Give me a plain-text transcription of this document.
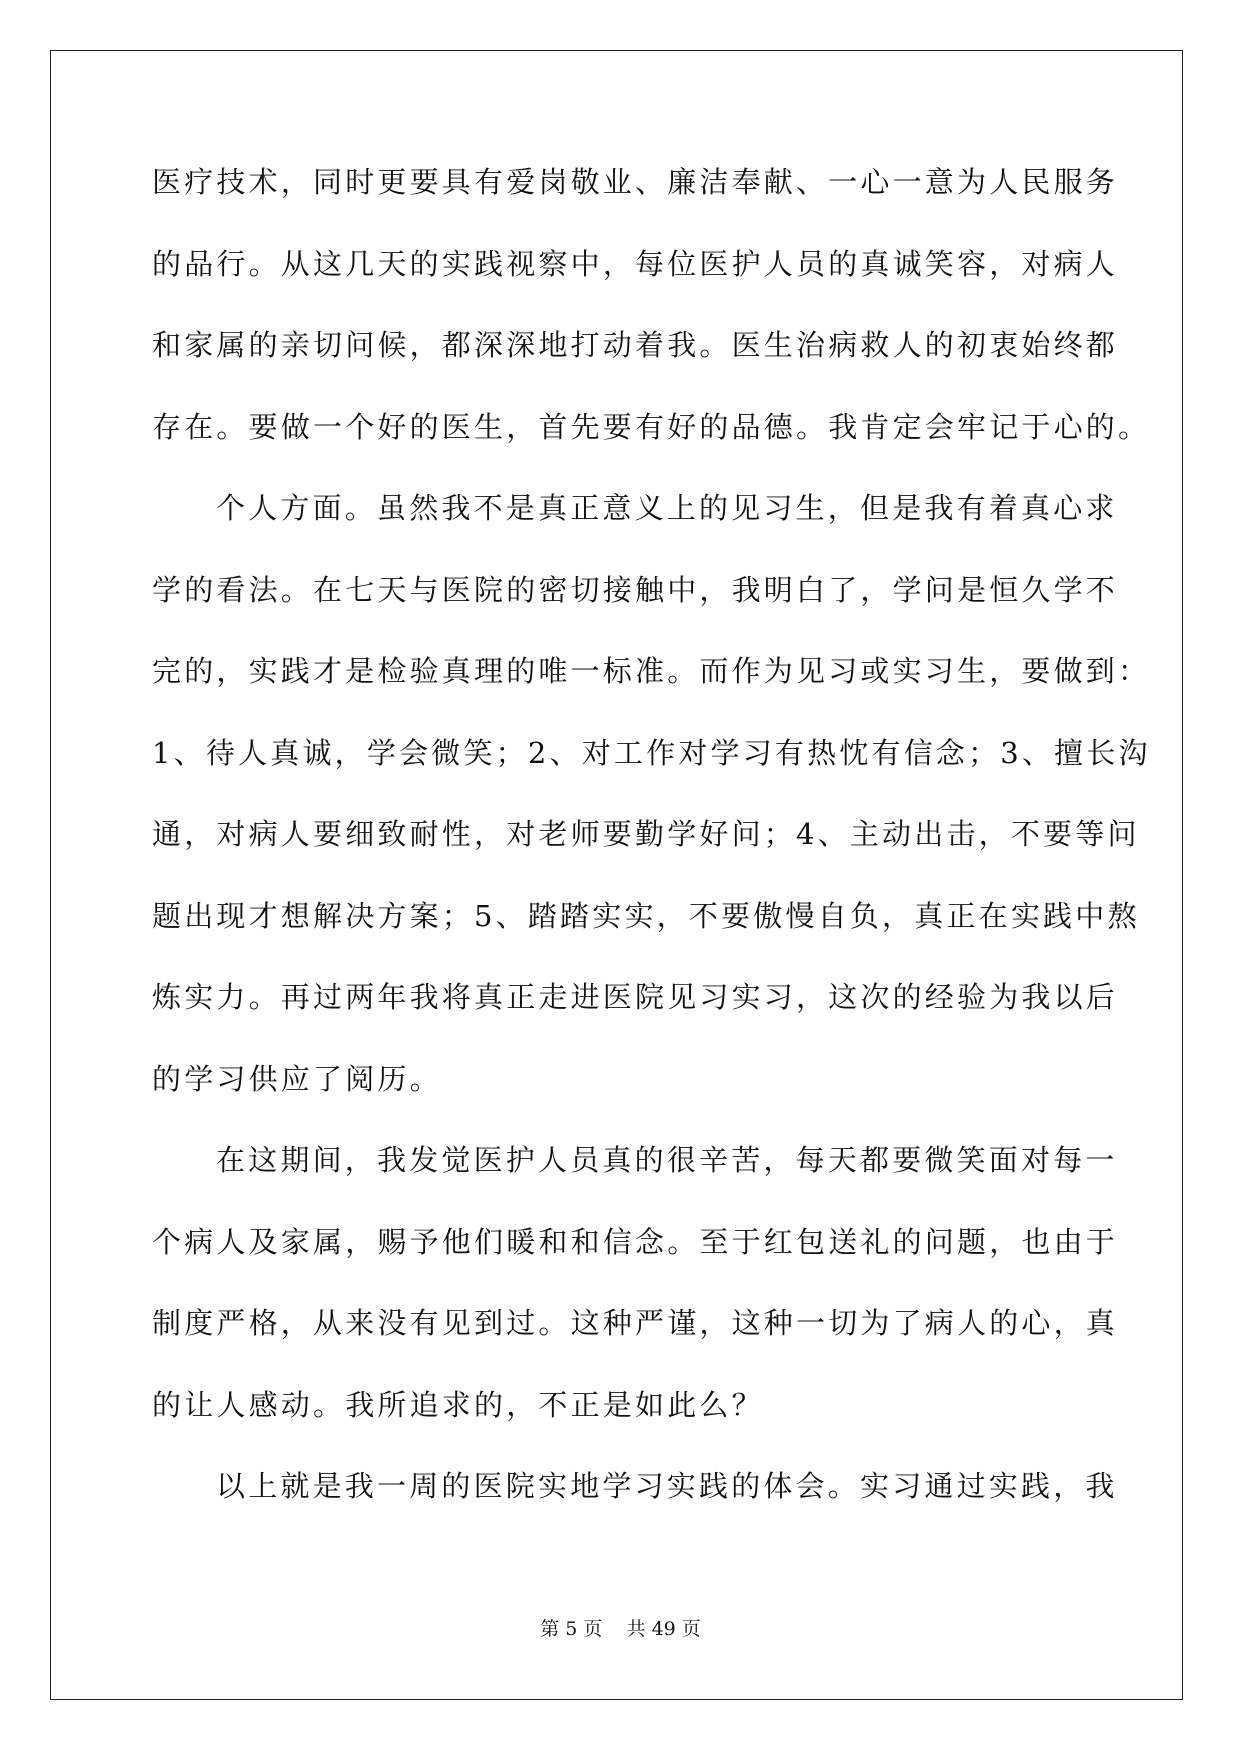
医疗技术，同时更要具有爱岗敬业、廉洁奉献、一心一意为人民服务
的品行。从这几天的实践视察中，每位医护人员的真诚笑容，对病人
和家属的亲切问候，都深深地打动着我。医生治病救人的初衷始终都
存在。要做一个好的医生，首先要有好的品德。我肯定会牢记于心的。
个人方面。虽然我不是真正意义上的见习生，但是我有着真心求
学的看法。在七天与医院的密切接触中，我明白了，学问是恒久学不
完的，实践才是检验真理的唯一标准。而作为见习或实习生，要做到：
1、待人真诚，学会微笑；2、对工作对学习有热忱有信念；3、擅长沟
通，对病人要细致耐性，对老师要勤学好问；4、主动出击，不要等问
题出现才想解决方案；5、踏踏实实，不要傲慢自负，真正在实践中熬
炼实力。再过两年我将真正走进医院见习实习，这次的经验为我以后
的学习供应了阅历。
在这期间，我发觉医护人员真的很辛苦，每天都要微笑面对每一
个病人及家属，赐予他们暖和和信念。至于红包送礼的问题，也由于
制度严格，从来没有见到过。这种严谨，这种一切为了病人的心，真
的让人感动。我所追求的，不正是如此么？
以上就是我一周的医院实地学习实践的体会。实习通过实践，我
第 5 页    共 49 页
